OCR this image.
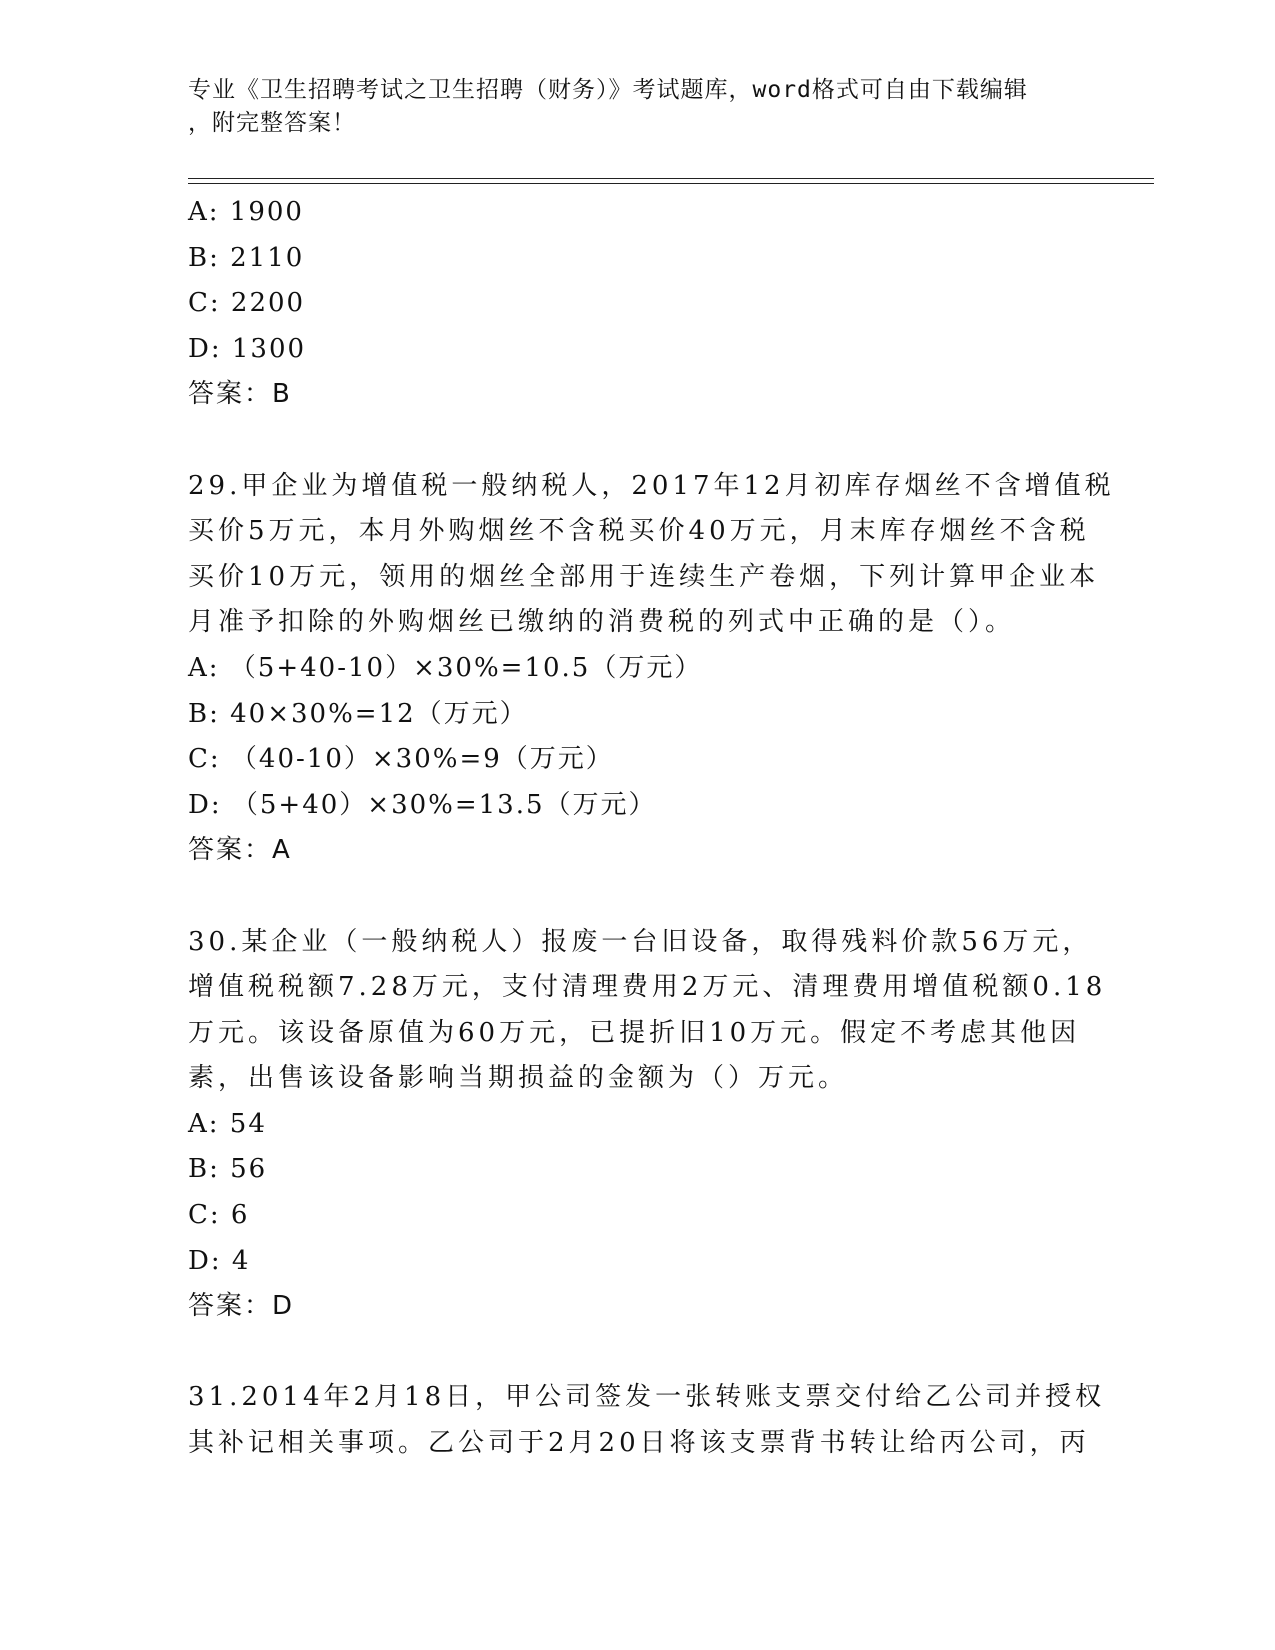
专业《卫生招聘考试之卫生招聘（财务）》考试题库，word格式可自由下载编辑
，附完整答案！
A: 1900
B: 2110
C: 2200
D: 1300
答案：B
29.甲企业为增值税一般纳税人，2017年12月初库存烟丝不含增值税
买价5万元，本月外购烟丝不含税买价40万元，月末库存烟丝不含税
买价10万元，领用的烟丝全部用于连续生产卷烟，下列计算甲企业本
月准予扣除的外购烟丝已缴纳的消费税的列式中正确的是（）。
A: （5+40-10）×30%=10.5（万元）
B: 40×30%=12（万元）
C: （40-10）×30%=9（万元）
D: （5+40）×30%=13.5（万元）
答案：A
30.某企业（一般纳税人）报废一台旧设备，取得残料价款56万元，
增值税税额7.28万元，支付清理费用2万元、清理费用增值税额0.18
万元。该设备原值为60万元，已提折旧10万元。假定不考虑其他因
素，出售该设备影响当期损益的金额为（）万元。
A: 54
B: 56
C: 6
D: 4
答案：D
31.2014年2月18日，甲公司签发一张转账支票交付给乙公司并授权
其补记相关事项。乙公司于2月20日将该支票背书转让给丙公司，丙
